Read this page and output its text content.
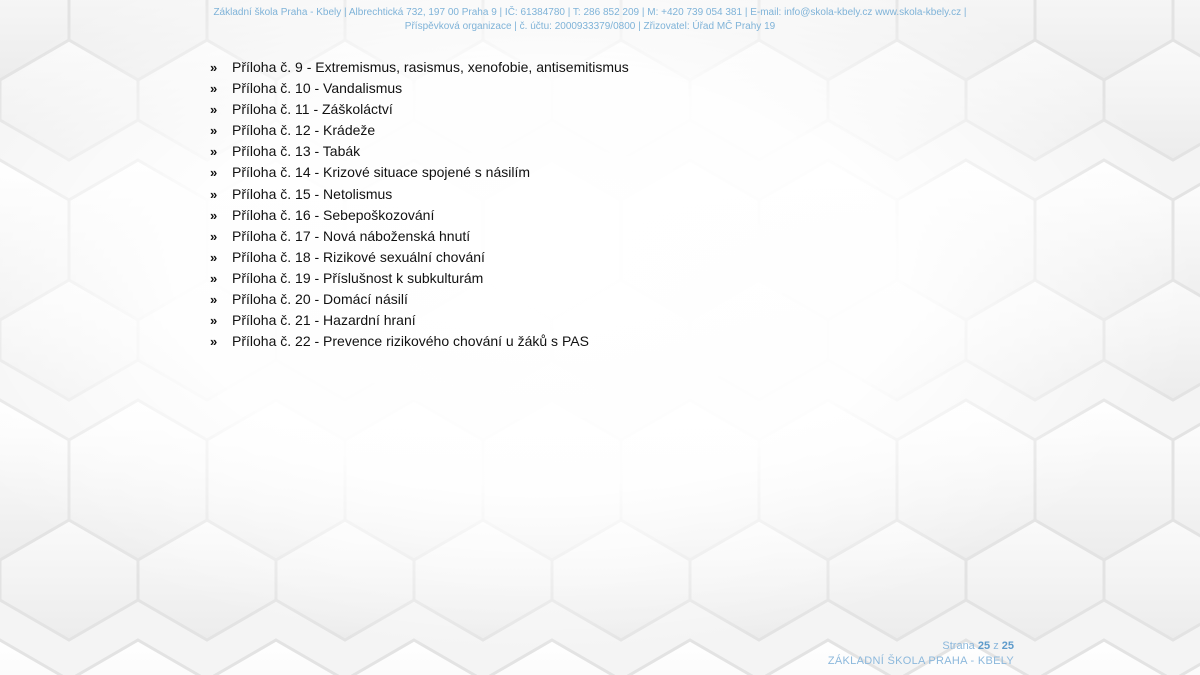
Základní škola Praha - Kbely | Albrechtická 732, 197 00 Praha 9 | IČ: 61384780 | T: 286 852 209 | M: +420 739 054 381 | E-mail: info@skola-kbely.cz www.skola-kbely.cz |
Příspěvková organizace | č. účtu: 2000933379/0800 | Zřizovatel: Úřad MČ Prahy 19
» Příloha č. 9 - Extremismus, rasismus, xenofobie, antisemitismus
» Příloha č. 10 - Vandalismus
» Příloha č. 11 - Záškoláctví
» Příloha č. 12 - Krádeže
» Příloha č. 13 - Tabák
» Příloha č. 14 - Krizové situace spojené s násilím
» Příloha č. 15 - Netolismus
» Příloha č. 16 - Sebepoškozování
» Příloha č. 17 - Nová náboženská hnutí
» Příloha č. 18 - Rizikové sexuální chování
» Příloha č. 19 - Příslušnost k subkulturám
» Příloha č. 20 - Domácí násilí
» Příloha č. 21 - Hazardní hraní
» Příloha č. 22 - Prevence rizikového chování u žáků s PAS
Strana 25 z 25
ZÁKLADNÍ ŠKOLA PRAHA - KBELY
